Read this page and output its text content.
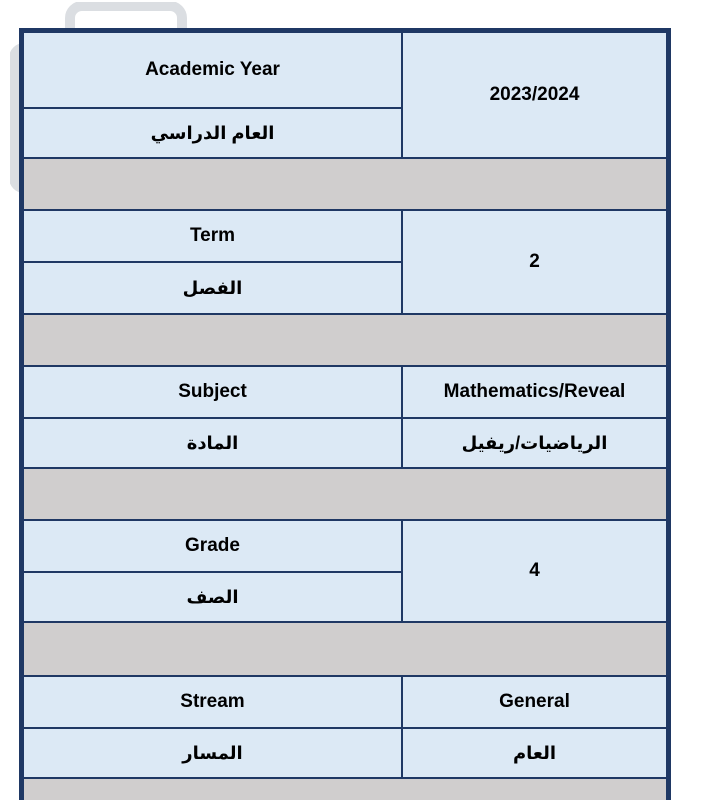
Academic Year
العام الدراسي
2023/2024
Term
الفصل
2
Subject	Mathematics/Reveal
المادة	الرياضيات/ريفيل
Grade
الصف
4
Stream	General
المسار	العام
